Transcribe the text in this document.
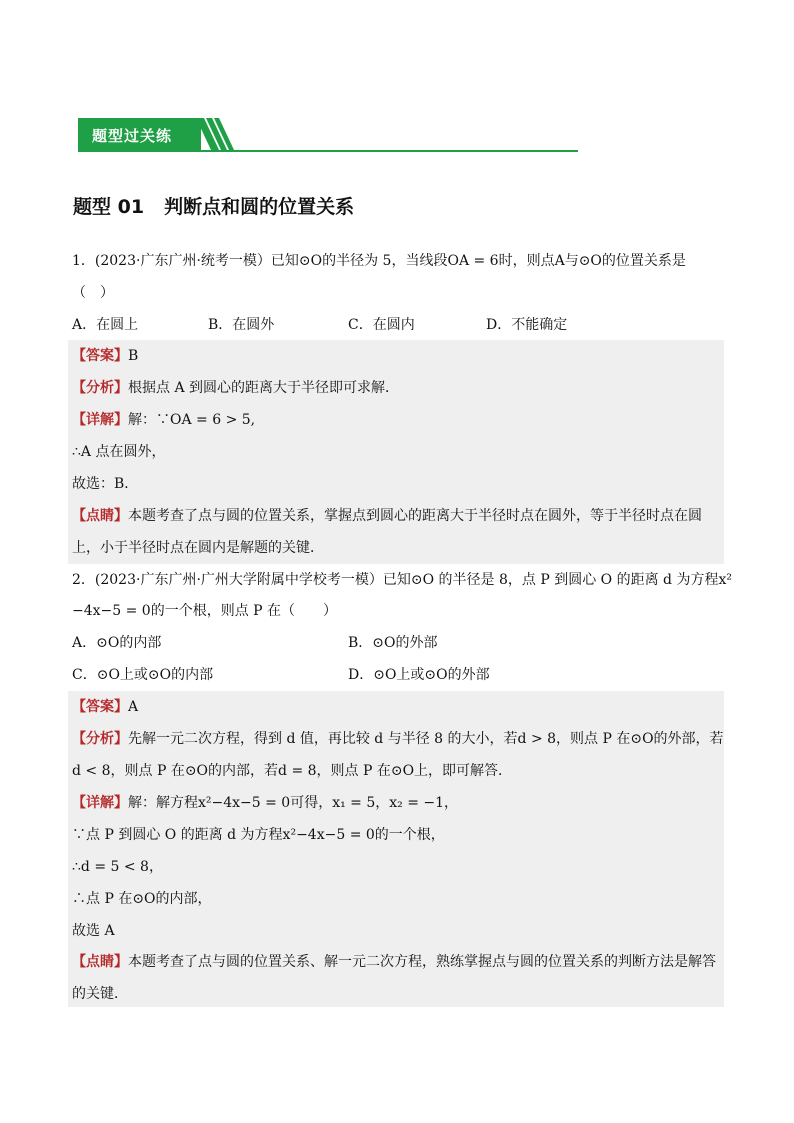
题型过关练
题型 01 判断点和圆的位置关系
1．(2023·广东广州·统考一模）已知⊙O的半径为 5，当线段OA = 6时，则点A与⊙O的位置关系是
（　）
A．在圆上	B．在圆外	C．在圆内	D．不能确定
【答案】B
【分析】根据点 A 到圆心的距离大于半径即可求解．
【详解】解：∵OA = 6 > 5,
∴A 点在圆外，
故选：B．
【点睛】本题考查了点与圆的位置关系，掌握点到圆心的距离大于半径时点在圆外，等于半径时点在圆
上，小于半径时点在圆内是解题的关键．
2．(2023·广东广州·广州大学附属中学校考一模）已知⊙O 的半径是 8，点 P 到圆心 O 的距离 d 为方程x²
−4x−5 = 0的一个根，则点 P 在（　　）
A．⊙O的内部	B．⊙O的外部
C．⊙O上或⊙O的内部	D．⊙O上或⊙O的外部
【答案】A
【分析】先解一元二次方程，得到 d 值，再比较 d 与半径 8 的大小，若d > 8，则点 P 在⊙O的外部，若
d < 8，则点 P 在⊙O的内部，若d = 8，则点 P 在⊙O上，即可解答．
【详解】解：解方程x²−4x−5 = 0可得，x₁ = 5，x₂ = −1，
∵点 P 到圆心 O 的距离 d 为方程x²−4x−5 = 0的一个根，
∴d = 5 < 8，
∴点 P 在⊙O的内部，
故选 A
【点睛】本题考查了点与圆的位置关系、解一元二次方程，熟练掌握点与圆的位置关系的判断方法是解答
的关键．
